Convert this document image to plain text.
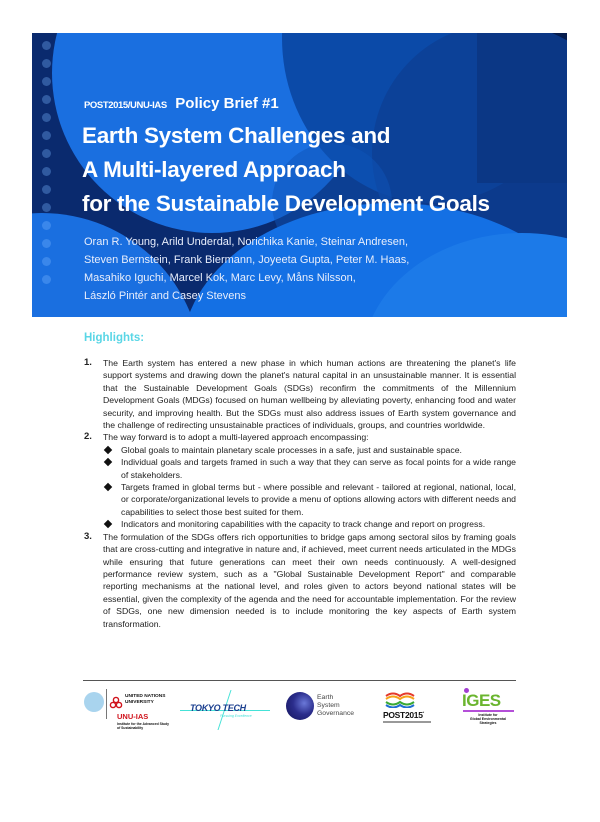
POST2015/UNU-IAS Policy Brief #1
Earth System Challenges and
A Multi-layered Approach
for the Sustainable Development Goals
Oran R. Young, Arild Underdal, Norichika Kanie, Steinar Andresen,
Steven Bernstein, Frank Biermann, Joyeeta Gupta, Peter M. Haas,
Masahiko Iguchi, Marcel Kok, Marc Levy, Måns Nilsson,
László Pintér and Casey Stevens
Highlights:
1. The Earth system has entered a new phase in which human actions are threatening the planet's life support systems and drawing down the planet's natural capital in an unsustainable manner. It is essential that the Sustainable Development Goals (SDGs) reconfirm the commitments of the Millennium Development Goals (MDGs) focused on human wellbeing by alleviating poverty, enhancing food and water security, and improving health. But the SDGs must also address issues of Earth system governance and the challenge of redirecting unsustainable practices of individuals, groups, and countries worldwide.
2. The way forward is to adopt a multi-layered approach encompassing:
Global goals to maintain planetary scale processes in a safe, just and sustainable space.
Individual goals and targets framed in such a way that they can serve as focal points for a wide range of stakeholders.
Targets framed in global terms but - where possible and relevant - tailored at regional, national, local, or corporate/organizational levels to provide a menu of options allowing actors with different needs and capabilities to select those best suited for them.
Indicators and monitoring capabilities with the capacity to track change and report on progress.
3. The formulation of the SDGs offers rich opportunities to bridge gaps among sectoral silos by framing goals that are cross-cutting and integrative in nature and, if achieved, meet current needs articulated in the MDGs while ensuring that future generations can meet their own needs continuously. A well-designed performance review system, such as a "Global Sustainable Development Report" and comparable reporting mechanisms at the national level, and roles given to actors beyond national states will be essential, given the complexity of the agenda and the need for accountable implementation. For the review of SDGs, one new dimension needed is to include monitoring the key aspects of Earth system transformation.
UNITED NATIONS
UNIVERSITY
UNU-IAS
Institute for the Advanced Study
of Sustainability
TOKYO TECH
Pursuing Excellence
Earth
System
Governance	POST2015*
IGES
Institute for
Global Environmental
Strategies
